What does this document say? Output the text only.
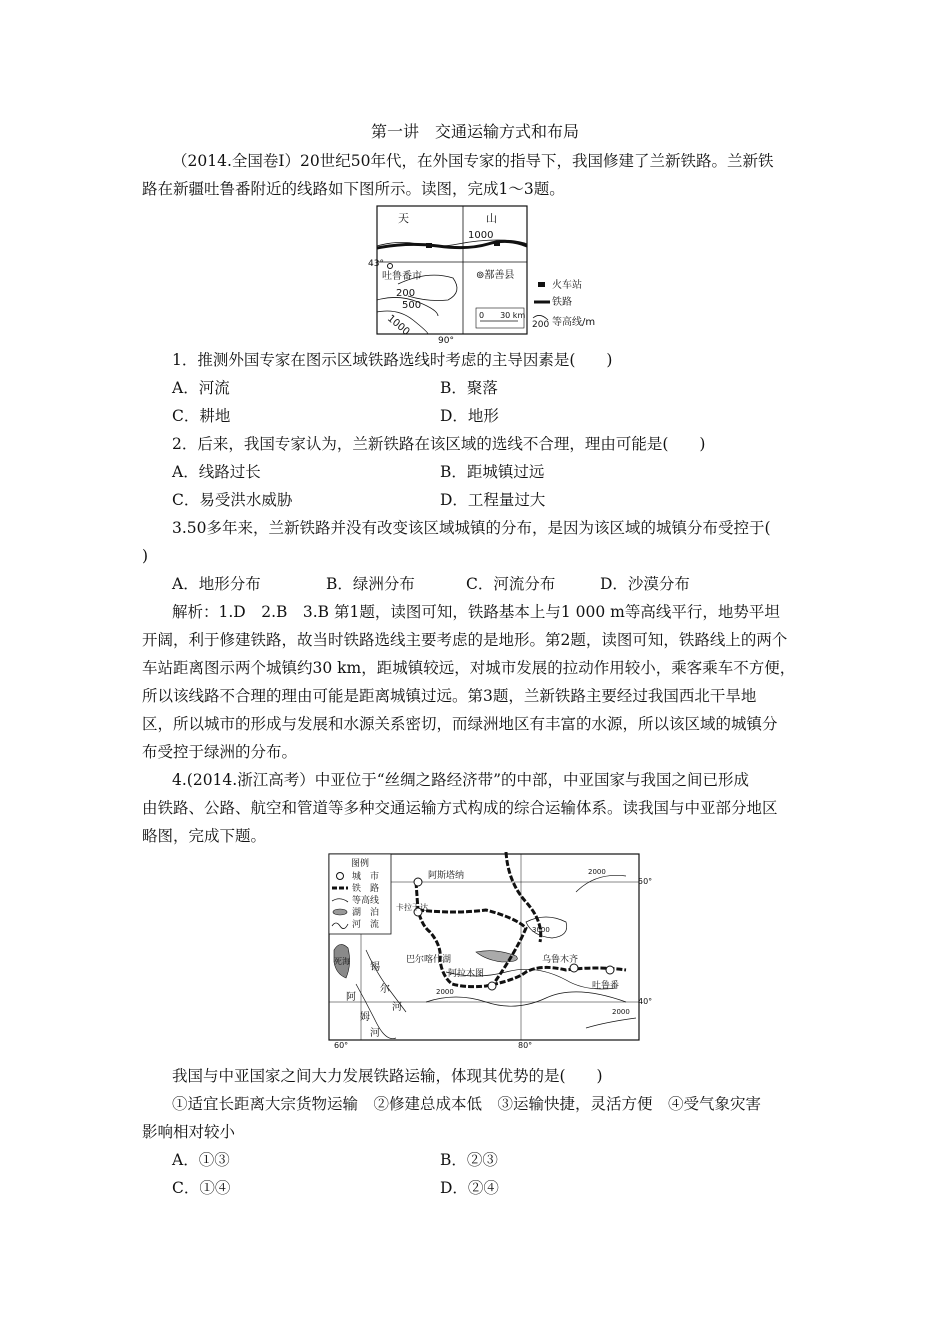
第一讲　交通运输方式和布局
（2014.全国卷Ⅰ）20世纪50年代，在外国专家的指导下，我国修建了兰新铁路。兰新铁
路在新疆吐鲁番附近的线路如下图所示。读图，完成1～3题。
天	山
1000
43°
吐鲁番市	⊚鄯善县
200
500
1000	0　　30 km
90°
火车站
铁路
200 等高线/m
1．推测外国专家在图示区域铁路选线时考虑的主导因素是(　　)
A．河流	B．聚落
C．耕地	D．地形
2．后来，我国专家认为，兰新铁路在该区域的选线不合理，理由可能是(　　)
A．线路过长	B．距城镇过远
C．易受洪水威胁	D．工程量过大
3.50多年来，兰新铁路并没有改变该区域城镇的分布，是因为该区域的城镇分布受控于(
)
A．地形分布	B．绿洲分布	C．河流分布	D．沙漠分布
解析：1.D　2.B　3.B 第1题，读图可知，铁路基本上与1 000 m等高线平行，地势平坦
开阔，利于修建铁路，故当时铁路选线主要考虑的是地形。第2题，读图可知，铁路线上的两个
车站距离图示两个城镇约30 km，距城镇较远，对城市发展的拉动作用较小，乘客乘车不方便，
所以该线路不合理的理由可能是距离城镇过远。第3题，兰新铁路主要经过我国西北干旱地
区，所以城市的形成与发展和水源关系密切，而绿洲地区有丰富的水源，所以该区域的城镇分
布受控于绿洲的分布。
4.(2014.浙江高考）中亚位于“丝绸之路经济带”的中部，中亚国家与我国之间已形成
由铁路、公路、航空和管道等多种交通运输方式构成的综合运输体系。读我国与中亚部分地区
略图，完成下题。
图例
城　市
铁　路
等高线
湖　泊
河　流
阿斯塔纳
卡拉干达
50°
巴尔喀什湖	乌鲁木齐
阿拉木图
吐鲁番
死海
锡
尔
河
阿
姆
河
2000
2000
2000
3000
40°
60°	80°
我国与中亚国家之间大力发展铁路运输，体现其优势的是(　　)
①适宜长距离大宗货物运输　②修建总成本低　③运输快捷，灵活方便　④受气象灾害
影响相对较小
A．①③	B．②③
C．①④	D．②④
